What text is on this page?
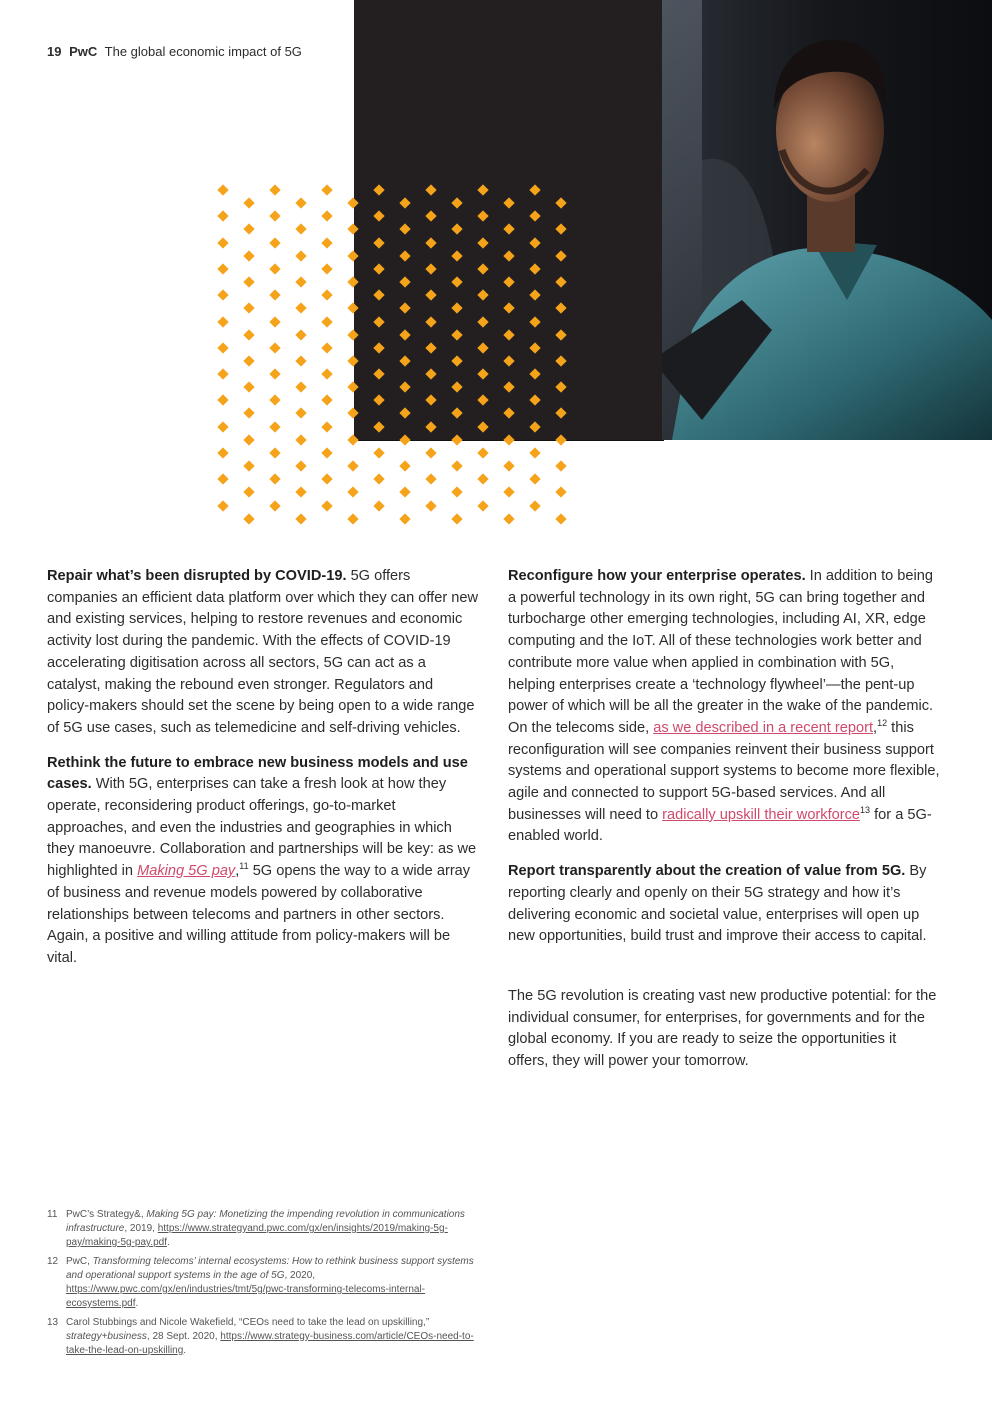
19 PwC The global economic impact of 5G

Repair what’s been disrupted by COVID-19. 5G offers companies an efficient data platform over which they can offer new and existing services, helping to restore revenues and economic activity lost during the pandemic. With the effects of COVID-19 accelerating digitisation across all sectors, 5G can act as a catalyst, making the rebound even stronger. Regulators and policy-makers should set the scene by being open to a wide range of 5G use cases, such as telemedicine and self-driving vehicles.

Rethink the future to embrace new business models and use cases. With 5G, enterprises can take a fresh look at how they operate, reconsidering product offerings, go-to-market approaches, and even the industries and geographies in which they manoeuvre. Collaboration and partnerships will be key: as we highlighted in Making 5G pay,$^{11}$ 5G opens the way to a wide array of business and revenue models powered by collaborative relationships between telecoms and partners in other sectors. Again, a positive and willing attitude from policy-makers will be vital.

Reconfigure how your enterprise operates. In addition to being a powerful technology in its own right, 5G can bring together and turbocharge other emerging technologies, including AI, XR, edge computing and the IoT. All of these technologies work better and contribute more value when applied in combination with 5G, helping enterprises create a ‘technology flywheel’—the pent-up power of which will be all the greater in the wake of the pandemic. On the telecoms side, as we described in a recent report,$^{12}$ this reconfiguration will see companies reinvent their business support systems and operational support systems to become more flexible, agile and connected to support 5G-based services. And all businesses will need to radically upskill their workforce$^{13}$ for a 5G-enabled world.

Report transparently about the creation of value from 5G. By reporting clearly and openly on their 5G strategy and how it’s delivering economic and societal value, enterprises will open up new opportunities, build trust and improve their access to capital.

The 5G revolution is creating vast new productive potential: for the individual consumer, for enterprises, for governments and for the global economy. If you are ready to seize the opportunities it offers, they will power your tomorrow.

11 PwC’s Strategy&, Making 5G pay: Monetizing the impending revolution in communications infrastructure, 2019, https://www.strategyand.pwc.com/gx/en/insights/2019/making-5g-pay/making-5g-pay.pdf.
12 PwC, Transforming telecoms’ internal ecosystems: How to rethink business support systems and operational support systems in the age of 5G, 2020, https://www.pwc.com/gx/en/industries/tmt/5g/pwc-transforming-telecoms-internal-ecosystems.pdf.
13 Carol Stubbings and Nicole Wakefield, “CEOs need to take the lead on upskilling,” strategy+business, 28 Sept. 2020, https://www.strategy-business.com/article/CEOs-need-to-take-the-lead-on-upskilling.
